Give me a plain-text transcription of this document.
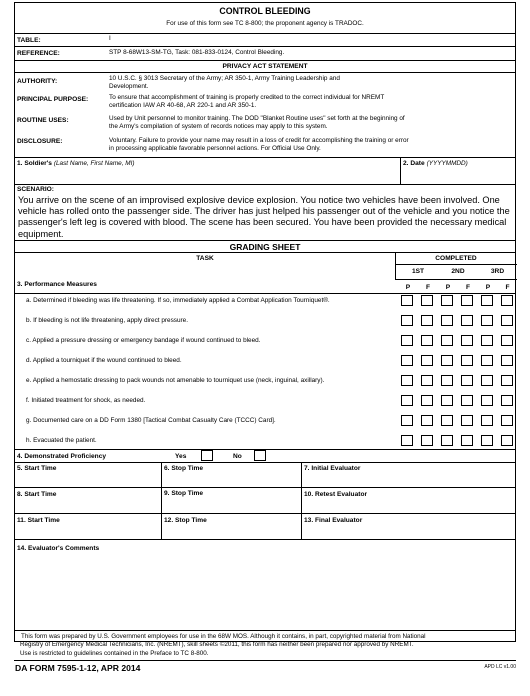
CONTROL BLEEDING
For use of this form see TC 8-800; the proponent agency is TRADOC.
TABLE:	I
REFERENCE:	STP 8-68W13-SM-TG, Task: 081-833-0124, Control Bleeding.
PRIVACY ACT STATEMENT
AUTHORITY:	10 U.S.C. § 3013 Secretary of the Army; AR 350-1, Army Training Leadership and
Development.
PRINCIPAL PURPOSE:	To ensure that accomplishment of training is properly credited to the correct individual for NREMT
certification IAW AR 40-68, AR 220-1 and AR 350-1.
ROUTINE USES:	Used by Unit personnel to monitor training. The DOD "Blanket Routine uses" set forth at the beginning of
the Army's compilation of system of records notices may apply to this system.
DISCLOSURE:	Voluntary. Failure to provide your name may result in a loss of credit for accomplishing the training or error
in processing applicable favorable personnel actions. For Official Use Only.
1. Soldier's (Last Name, First Name, MI)	2. Date (YYYYMMDD)
SCENARIO:
You arrive on the scene of an improvised explosive device explosion. You notice two vehicles have been involved. One vehicle has rolled onto the passenger side. The driver has just helped his passenger out of the vehicle and you notice the passenger's left leg is covered with blood. The scene has been secured. You have been provided the necessary medical equipment.
GRADING SHEET
TASK	COMPLETED
1ST	2ND	3RD
3. Performance Measures	P	F	P	F	P	F
a. Determined if bleeding was life threatening. If so, immediately applied a Combat Application Tourniquet®.
b. If bleeding is not life threatening, apply direct pressure.
c. Applied a pressure dressing or emergency bandage if wound continued to bleed.
d. Applied a tourniquet if the wound continued to bleed.
e. Applied a hemostatic dressing to pack wounds not amenable to tourniquet use (neck, inguinal, axillary).
f. Initiated treatment for shock, as needed.
g. Documented care on a DD Form 1380 [Tactical Combat Casualty Care (TCCC) Card].
h. Evacuated the patient.
4. Demonstrated Proficiency	Yes	No
5. Start Time	6. Stop Time	7. Initial Evaluator
8. Start Time	9. Stop Time	10. Retest Evaluator
11. Start Time	12. Stop Time	13. Final Evaluator
14. Evaluator's Comments
This form was prepared by U.S. Government employees for use in the 68W MOS. Although it contains, in part, copyrighted material from National
Registry of Emergency Medical Technicians, Inc. (NREMT), skill sheets ©2011, this form has neither been prepared nor approved by NREMT.
Use is restricted to guidelines contained in the Preface to TC 8-800.
DA FORM 7595-1-12, APR 2014	APD LC v1.00
